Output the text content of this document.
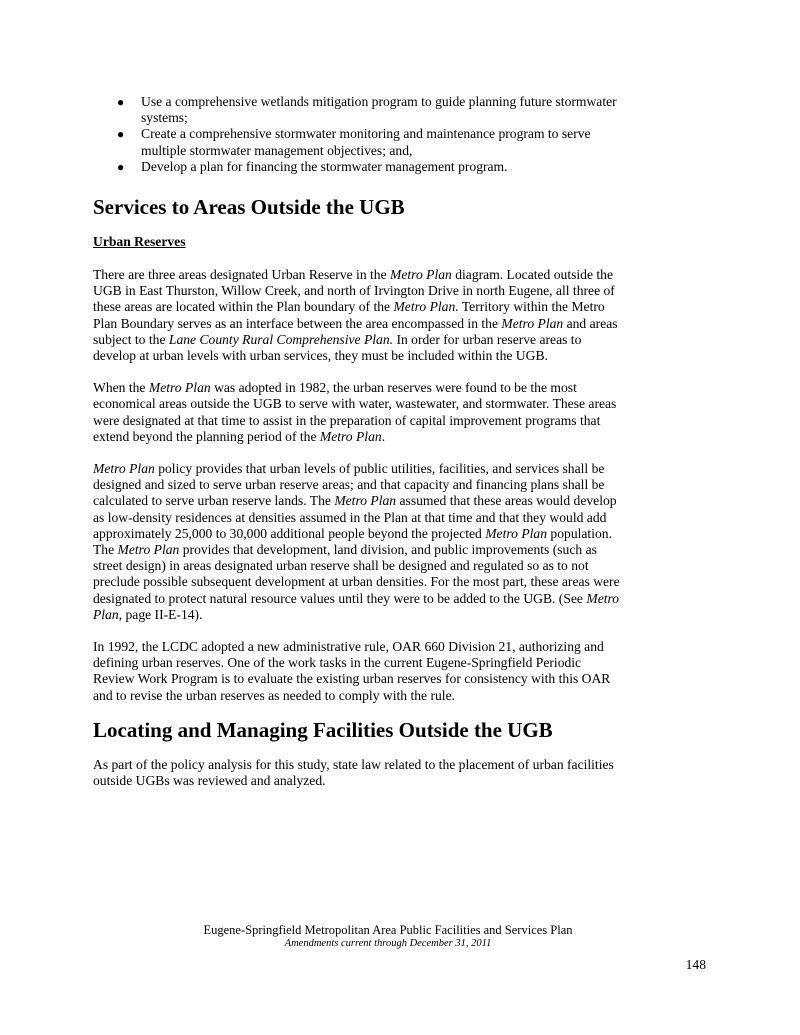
● Use a comprehensive wetlands mitigation program to guide planning future stormwater
systems;
● Create a comprehensive stormwater monitoring and maintenance program to serve
multiple stormwater management objectives; and,
● Develop a plan for financing the stormwater management program.
Services to Areas Outside the UGB
Urban Reserves

There are three areas designated Urban Reserve in the Metro Plan diagram. Located outside the
UGB in East Thurston, Willow Creek, and north of Irvington Drive in north Eugene, all three of
these areas are located within the Plan boundary of the Metro Plan. Territory within the Metro
Plan Boundary serves as an interface between the area encompassed in the Metro Plan and areas
subject to the Lane County Rural Comprehensive Plan. In order for urban reserve areas to
develop at urban levels with urban services, they must be included within the UGB.

When the Metro Plan was adopted in 1982, the urban reserves were found to be the most
economical areas outside the UGB to serve with water, wastewater, and stormwater. These areas
were designated at that time to assist in the preparation of capital improvement programs that
extend beyond the planning period of the Metro Plan.

Metro Plan policy provides that urban levels of public utilities, facilities, and services shall be
designed and sized to serve urban reserve areas; and that capacity and financing plans shall be
calculated to serve urban reserve lands. The Metro Plan assumed that these areas would develop
as low-density residences at densities assumed in the Plan at that time and that they would add
approximately 25,000 to 30,000 additional people beyond the projected Metro Plan population.
The Metro Plan provides that development, land division, and public improvements (such as
street design) in areas designated urban reserve shall be designed and regulated so as to not
preclude possible subsequent development at urban densities. For the most part, these areas were
designated to protect natural resource values until they were to be added to the UGB. (See Metro
Plan, page II-E-14).

In 1992, the LCDC adopted a new administrative rule, OAR 660 Division 21, authorizing and
defining urban reserves. One of the work tasks in the current Eugene-Springfield Periodic
Review Work Program is to evaluate the existing urban reserves for consistency with this OAR
and to revise the urban reserves as needed to comply with the rule.

Locating and Managing Facilities Outside the UGB

As part of the policy analysis for this study, state law related to the placement of urban facilities
outside UGBs was reviewed and analyzed.

Eugene-Springfield Metropolitan Area Public Facilities and Services Plan
Amendments current through December 31, 2011
148
